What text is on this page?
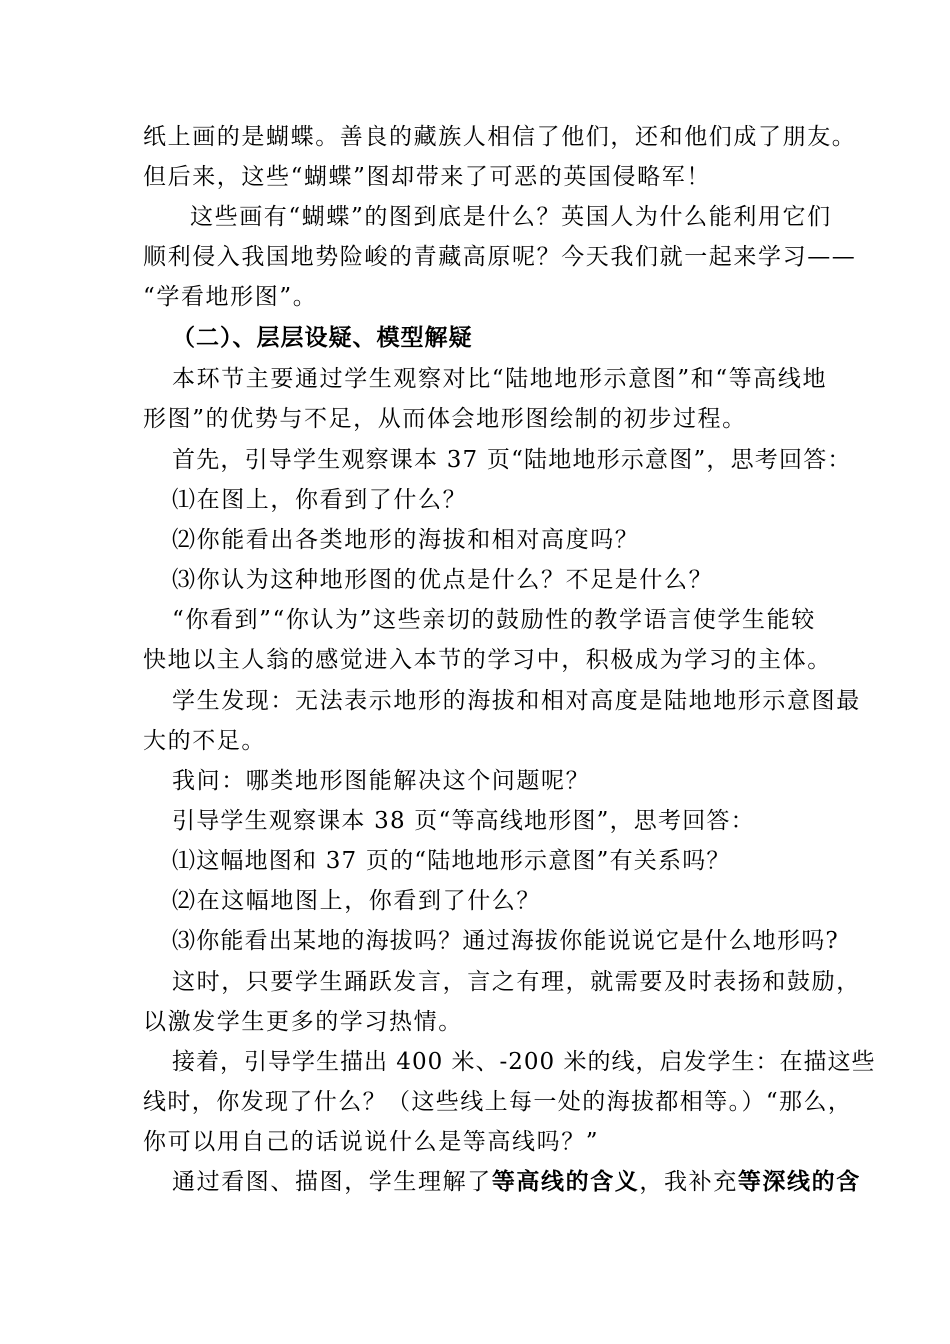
纸上画的是蝴蝶。善良的藏族人相信了他们，还和他们成了朋友。
但后来，这些“蝴蝶”图却带来了可恶的英国侵略军！
这些画有“蝴蝶”的图到底是什么？英国人为什么能利用它们
顺利侵入我国地势险峻的青藏高原呢？今天我们就一起来学习——
“学看地形图”。
（二）、层层设疑、模型解疑
本环节主要通过学生观察对比“陆地地形示意图”和“等高线地
形图”的优势与不足，从而体会地形图绘制的初步过程。
首先，引导学生观察课本 37 页“陆地地形示意图”，思考回答：
⑴在图上，你看到了什么？
⑵你能看出各类地形的海拔和相对高度吗？
⑶你认为这种地形图的优点是什么？不足是什么？
“你看到”“你认为”这些亲切的鼓励性的教学语言使学生能较
快地以主人翁的感觉进入本节的学习中，积极成为学习的主体。
学生发现：无法表示地形的海拔和相对高度是陆地地形示意图最
大的不足。
我问：哪类地形图能解决这个问题呢？
引导学生观察课本 38 页“等高线地形图”，思考回答：
⑴这幅地图和 37 页的“陆地地形示意图”有关系吗？
⑵在这幅地图上，你看到了什么？
⑶你能看出某地的海拔吗？通过海拔你能说说它是什么地形吗?
这时，只要学生踊跃发言，言之有理，就需要及时表扬和鼓励，
以激发学生更多的学习热情。
接着，引导学生描出 400 米、-200 米的线，启发学生：在描这些
线时，你发现了什么？（这些线上每一处的海拔都相等。）“那么，
你可以用自己的话说说什么是等高线吗？”
通过看图、描图，学生理解了等高线的含义，我补充等深线的含
